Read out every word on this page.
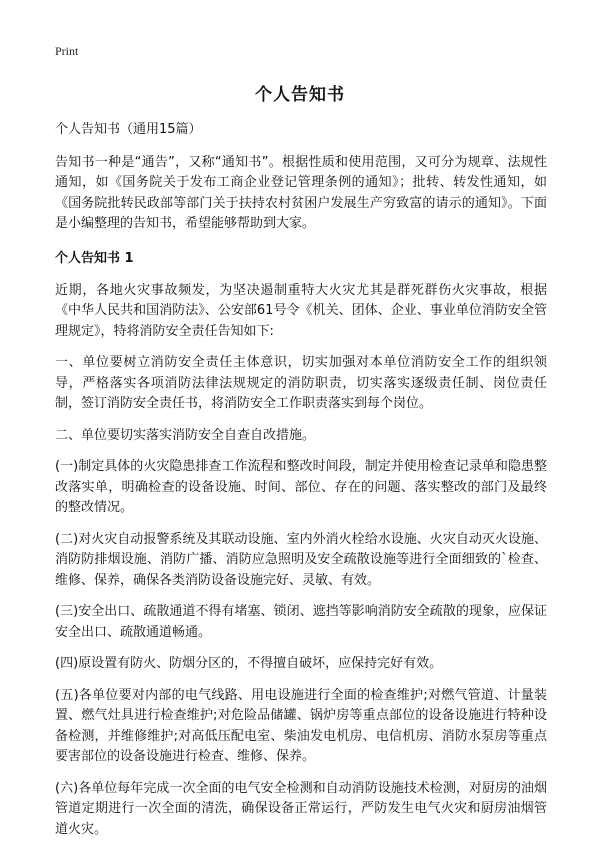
Print
个人告知书
个人告知书（通用15篇）
告知书一种是“通告”，又称“通知书”。根据性质和使用范围，又可分为规章、法规性通知，如《国务院关于发布工商企业登记管理条例的通知》；批转、转发性通知，如《国务院批转民政部等部门关于扶持农村贫困户发展生产穷致富的请示的通知》。下面是小编整理的告知书，希望能够帮助到大家。
个人告知书 1
近期，各地火灾事故频发，为坚决遏制重特大火灾尤其是群死群伤火灾事故，根据《中华人民共和国消防法》、公安部61号令《机关、团体、企业、事业单位消防安全管理规定》，特将消防安全责任告知如下:
一、单位要树立消防安全责任主体意识，切实加强对本单位消防安全工作的组织领导，严格落实各项消防法律法规规定的消防职责，切实落实逐级责任制、岗位责任制，签订消防安全责任书，将消防安全工作职责落实到每个岗位。
二、单位要切实落实消防安全自查自改措施。
(一)制定具体的火灾隐患排查工作流程和整改时间段，制定并使用检查记录单和隐患整改落实单，明确检查的设备设施、时间、部位、存在的问题、落实整改的部门及最终的整改情况。
(二)对火灾自动报警系统及其联动设施、室内外消火栓给水设施、火灾自动灭火设施、消防防排烟设施、消防广播、消防应急照明及安全疏散设施等进行全面细致的`检查、维修、保养，确保各类消防设备设施完好、灵敏、有效。
(三)安全出口、疏散通道不得有堵塞、锁闭、遮挡等影响消防安全疏散的现象，应保证安全出口、疏散通道畅通。
(四)原设置有防火、防烟分区的，不得擅自破坏，应保持完好有效。
(五)各单位要对内部的电气线路、用电设施进行全面的检查维护;对燃气管道、计量装置、燃气灶具进行检查维护;对危险品储罐、锅炉房等重点部位的设备设施进行特种设备检测，并维修维护;对高低压配电室、柴油发电机房、电信机房、消防水泵房等重点要害部位的设备设施进行检查、维修、保养。
(六)各单位每年完成一次全面的电气安全检测和自动消防设施技术检测，对厨房的油烟管道定期进行一次全面的清洗，确保设备正常运行，严防发生电气火灾和厨房油烟管道火灾。
